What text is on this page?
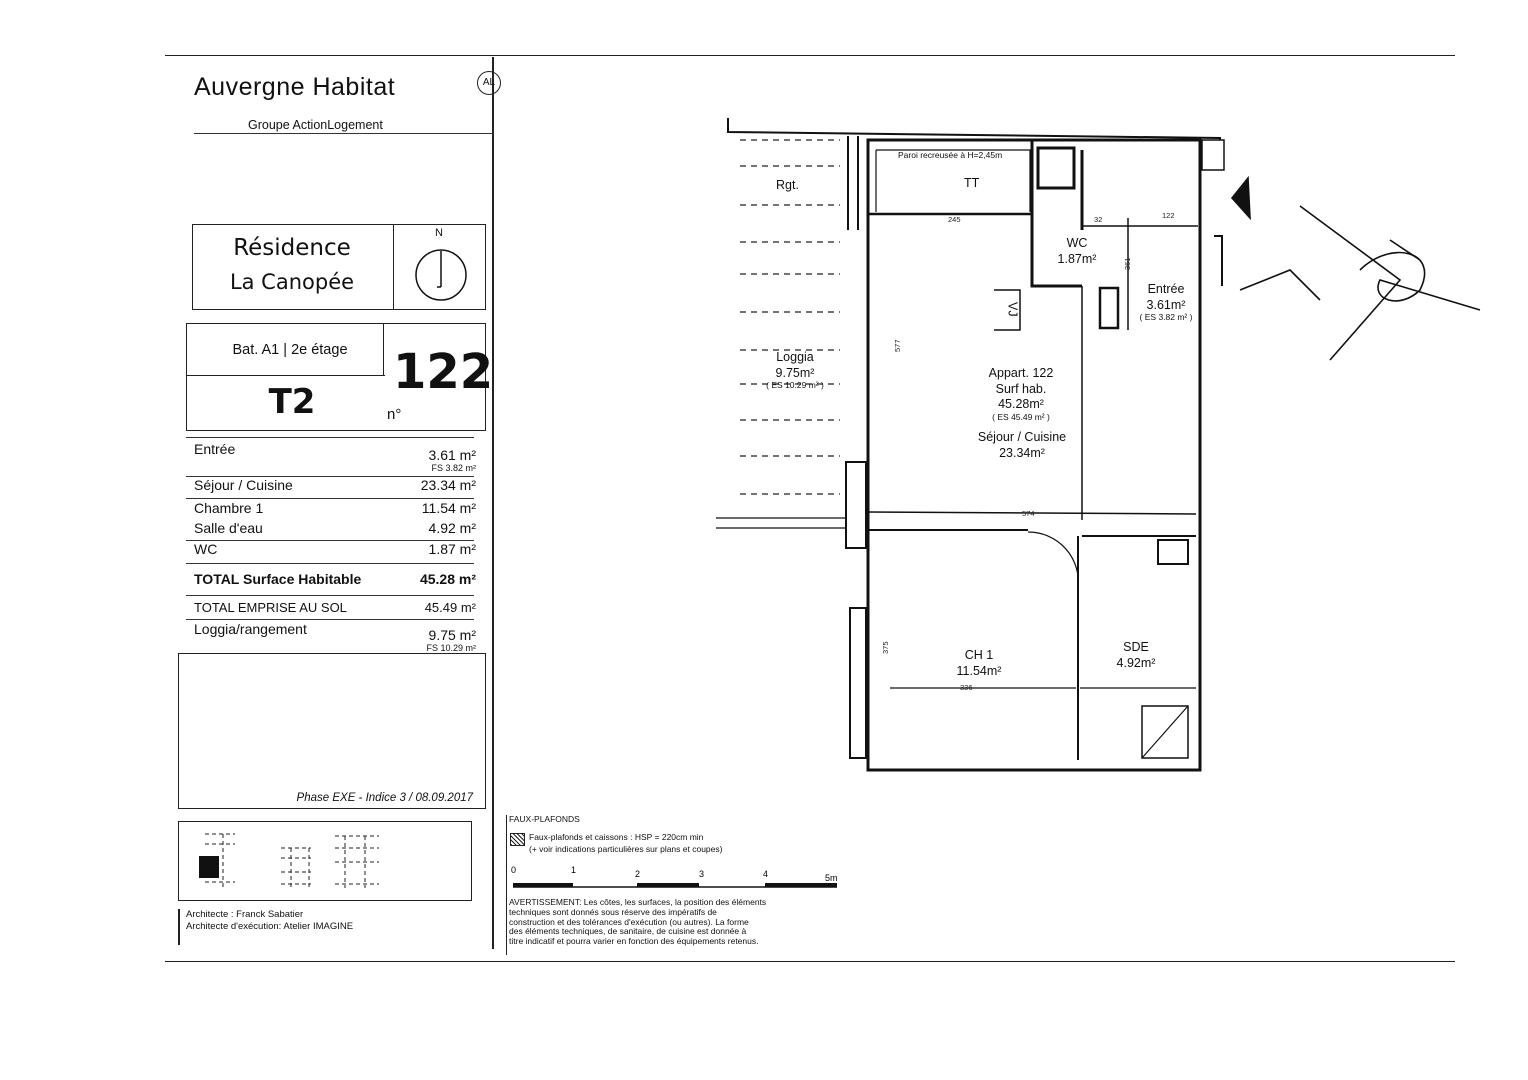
Auvergne Habitat	AL
Groupe ActionLogement
Résidence
La Canopée
N
Bat. A1 | 2e étage
T2
122
n°
Entrée	3.61 m²
FS 3.82 m²
Séjour / Cuisine	23.34 m²
Chambre 1	11.54 m²
Salle d'eau	4.92 m²
WC	1.87 m²
TOTAL Surface Habitable	45.28 m²
TOTAL EMPRISE AU SOL	45.49 m²
Loggia/rangement	9.75 m²
FS 10.29 m²
Phase EXE - Indice 3 / 08.09.2017
Architecte : Franck Sabatier
Architecte d'exécution: Atelier IMAGINE
FAUX-PLAFONDS
Faux-plafonds et caissons : HSP = 220cm min
(+ voir indications particulières sur plans et coupes)
0	1	2	3	4	5m
AVERTISSEMENT: Les côtes, les surfaces, la position des éléments
techniques sont donnés sous réserve des impératifs de
construction et des tolérances d'exécution (ou autres). La forme
des éléments techniques, de sanitaire, de cuisine est donnée à
titre indicatif et pourra varier en fonction des équipements retenus.
245	32	122
577
574
336
375
361
Rgt.
Paroi recreusée à H=2,45m
TT
VJ
Loggia
9.75m²
( ES 10.29 m² )
WC
1.87m²
Entrée
3.61m²
( ES 3.82 m² )
Appart. 122
Surf hab.
45.28m²
( ES 45.49 m² )
Séjour / Cuisine
23.34m²
CH 1
11.54m²
SDE
4.92m²
